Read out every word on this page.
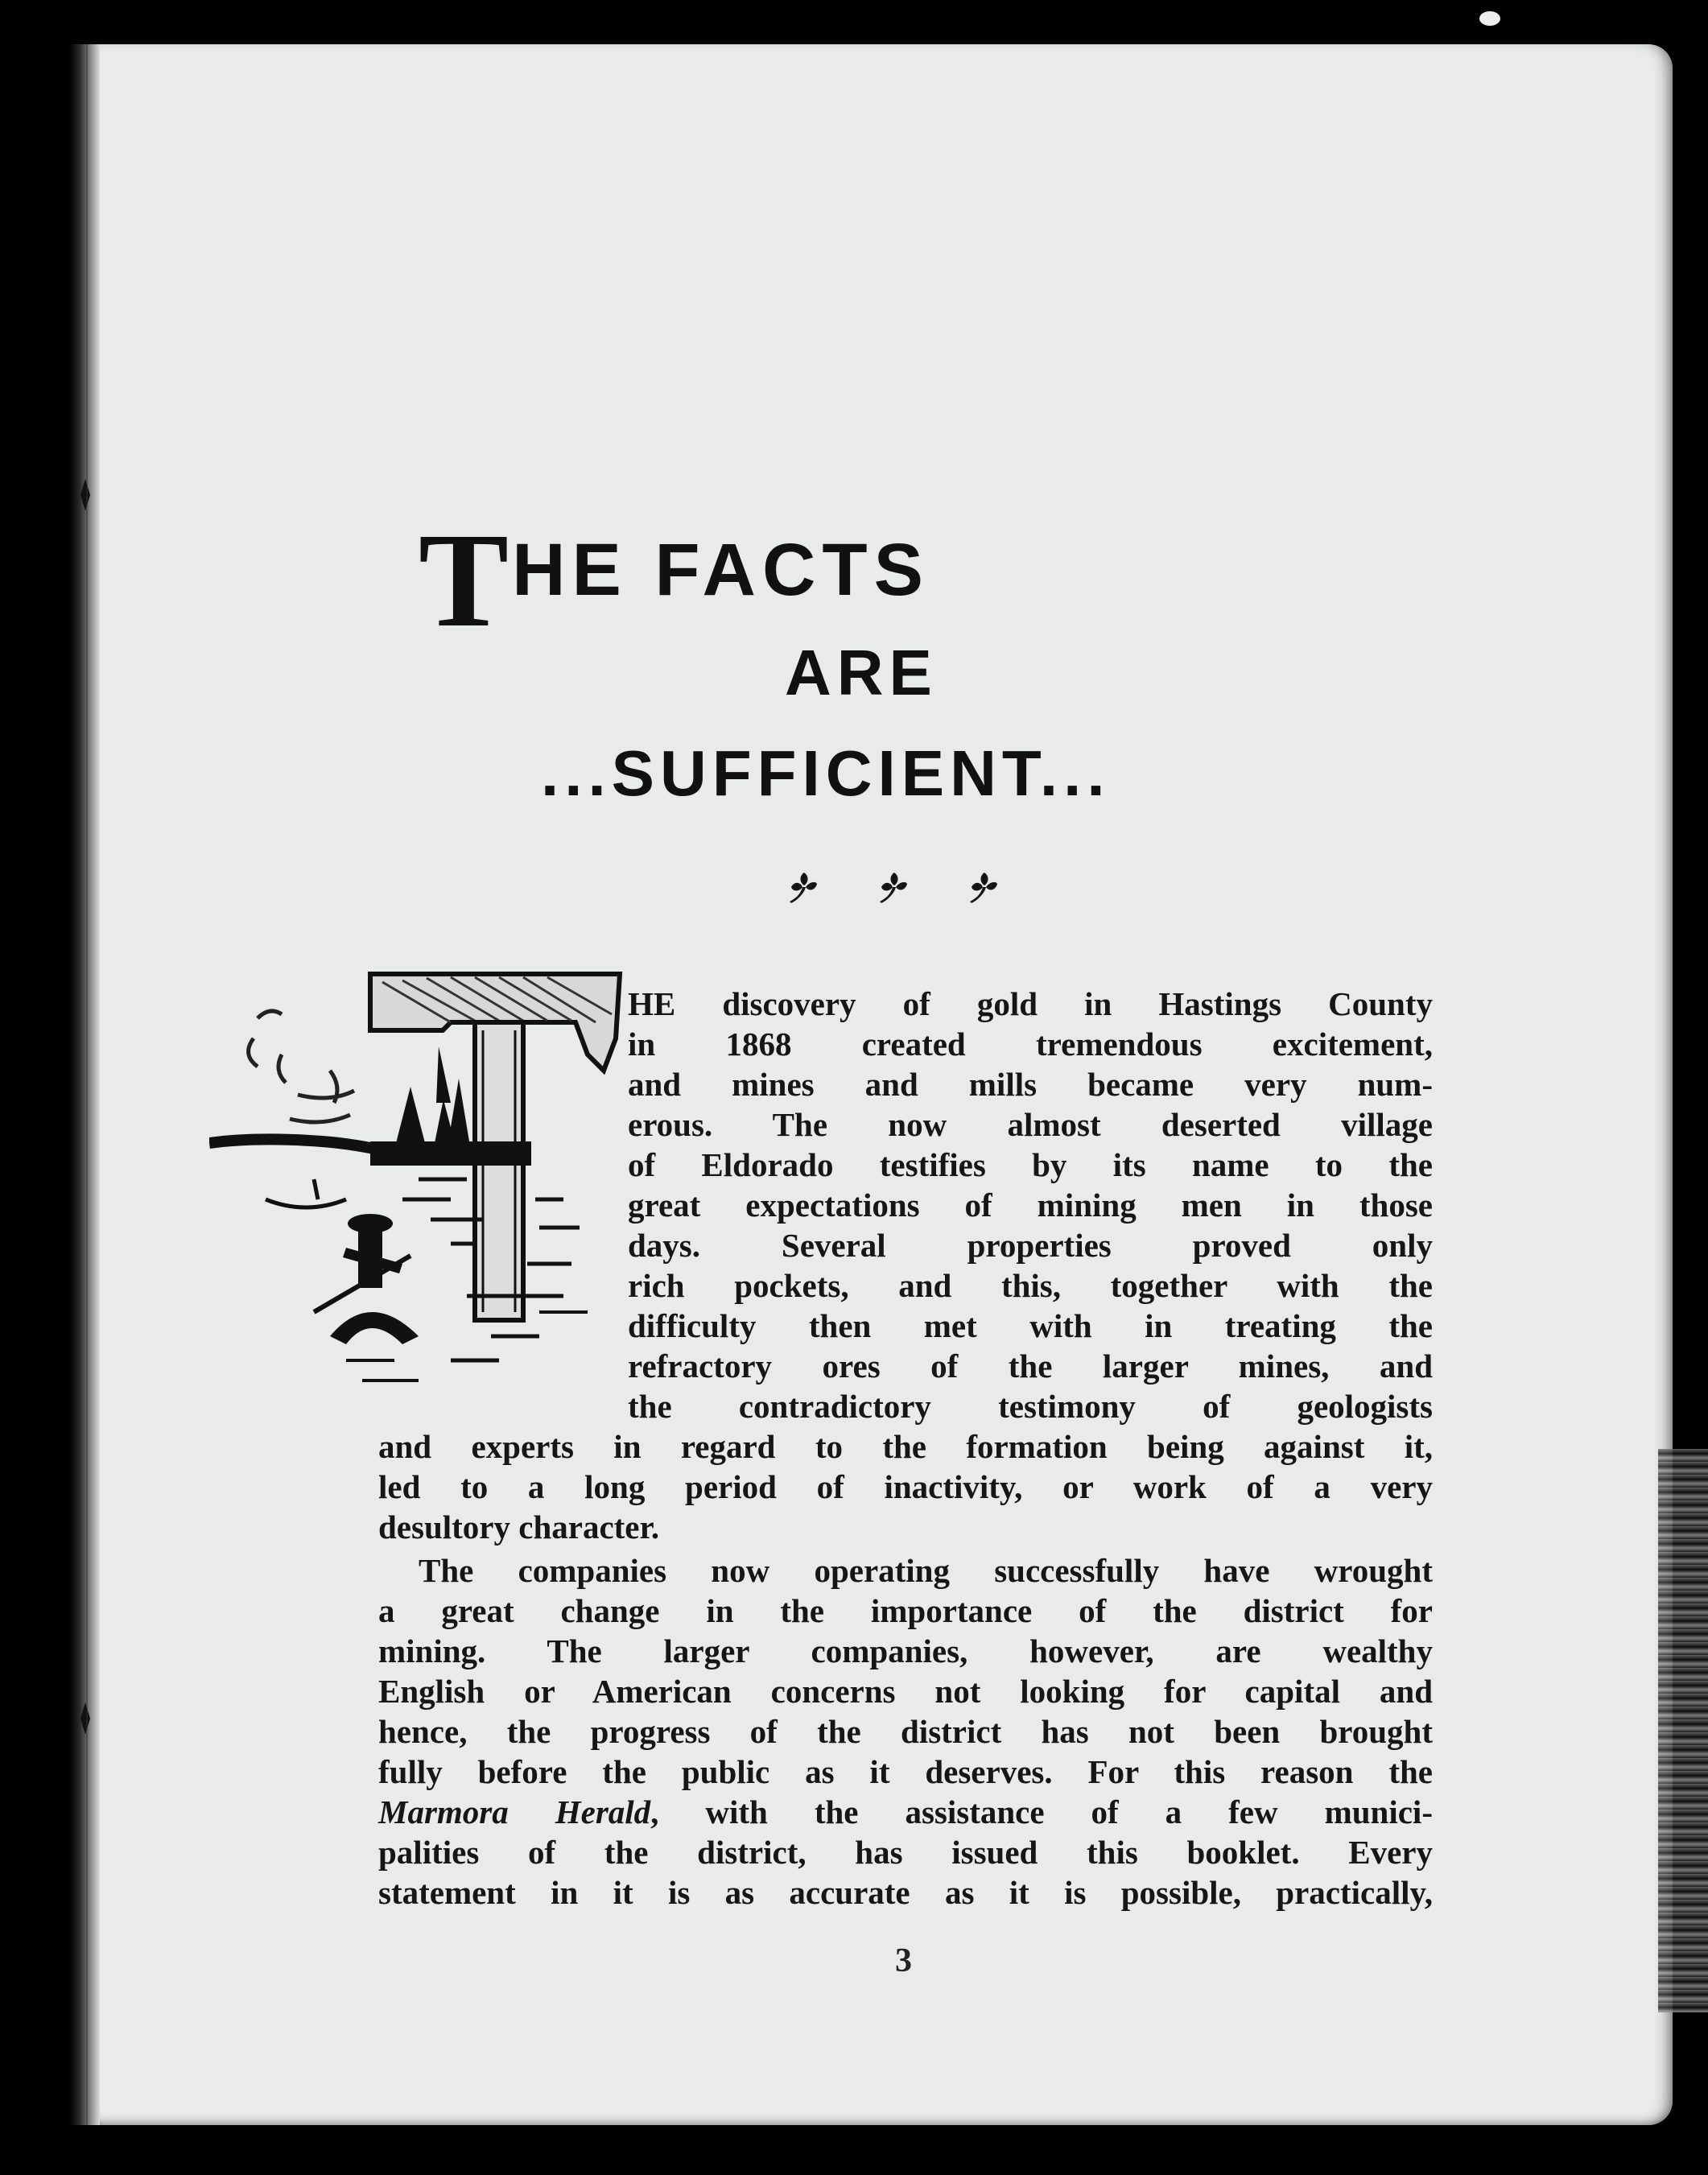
THE FACTS
ARE
...SUFFICIENT...
HE discovery of gold in Hastings County
in 1868 created tremendous excitement,
and mines and mills became very num-
erous. The now almost deserted village
of Eldorado testifies by its name to the
great expectations of mining men in those
days. Several properties proved only
rich pockets, and this, together with the
difficulty then met with in treating the
refractory ores of the larger mines, and
the contradictory testimony of geologists
and experts in regard to the formation being against it,
led to a long period of inactivity, or work of a very
desultory character.
The companies now operating successfully have wrought
a great change in the importance of the district for
mining. The larger companies, however, are wealthy
English or American concerns not looking for capital and
hence, the progress of the district has not been brought
fully before the public as it deserves. For this reason the
Marmora Herald, with the assistance of a few munici-
palities of the district, has issued this booklet. Every
statement in it is as accurate as it is possible, practically,
3
